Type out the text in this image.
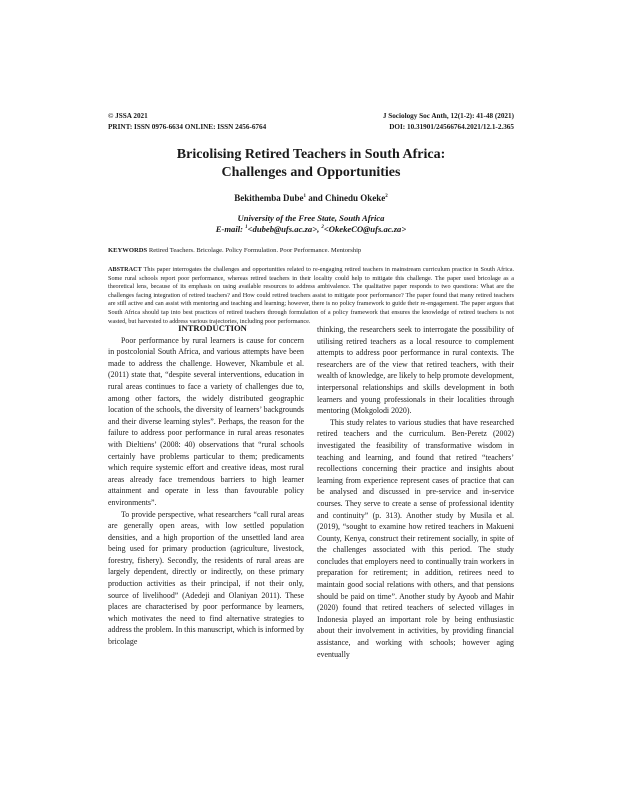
© JSSA 2021
PRINT: ISSN 0976-6634 ONLINE: ISSN 2456-6764
J Sociology Soc Anth, 12(1-2): 41-48 (2021)
DOI: 10.31901/24566764.2021/12.1-2.365
Bricolising Retired Teachers in South Africa:
Challenges and Opportunities
Bekithemba Dube$^1$ and Chinedu Okeke$^2$
University of the Free State, South Africa
E-mail: $^1$<dubeb@ufs.ac.za>, $^2$<OkekeCO@ufs.ac.za>
KEYWORDS Retired Teachers. Bricolage. Policy Formulation. Poor Performance. Mentorship
ABSTRACT This paper interrogates the challenges and opportunities related to re-engaging retired teachers in mainstream curriculum practice in South Africa. Some rural schools report poor performance, whereas retired teachers in their locality could help to mitigate this challenge. The paper used bricolage as a theoretical lens, because of its emphasis on using available resources to address ambivalence. The qualitative paper responds to two questions: What are the challenges facing integration of retired teachers? and How could retired teachers assist to mitigate poor performance? The paper found that many retired teachers are still active and can assist with mentoring and teaching and learning; however, there is no policy framework to guide their re-engagement. The paper argues that South Africa should tap into best practices of retired teachers through formulation of a policy framework that ensures the knowledge of retired teachers is not wasted, but harvested to address various trajectories, including poor performance.

INTRODUCTION

Poor performance by rural learners is cause for concern in postcolonial South Africa, and various attempts have been made to address the challenge. However, Nkambule et al. (2011) state that, “despite several interventions, education in rural areas continues to face a variety of challenges due to, among other factors, the widely distributed geographic location of the schools, the diversity of learners’ backgrounds and their diverse learning styles”. Perhaps, the reason for the failure to address poor performance in rural areas resonates with Dieltiens’ (2008: 40) observations that “rural schools certainly have problems particular to them; predicaments which require systemic effort and creative ideas, most rural areas already face tremendous barriers to high learner attainment and operate in less than favourable policy environments”.

To provide perspective, what researchers “call rural areas are generally open areas, with low settled population densities, and a high proportion of the unsettled land area being used for primary production (agriculture, livestock, forestry, fishery). Secondly, the residents of rural areas are largely dependent, directly or indirectly, on these primary production activities as their principal, if not their only, source of livelihood” (Adedeji and Olaniyan 2011). These places are characterised by poor performance by learners, which motivates the need to find alternative strategies to address the problem. In this manuscript, which is informed by bricolage

thinking, the researchers seek to interrogate the possibility of utilising retired teachers as a local resource to complement attempts to address poor performance in rural contexts. The researchers are of the view that retired teachers, with their wealth of knowledge, are likely to help promote development, interpersonal relationships and skills development in both learners and young professionals in their localities through mentoring (Mokgolodi 2020).

This study relates to various studies that have researched retired teachers and the curriculum. Ben-Peretz (2002) investigated the feasibility of transformative wisdom in teaching and learning, and found that retired “teachers’ recollections concerning their practice and insights about learning from experience represent cases of practice that can be analysed and discussed in pre-service and in-service courses. They serve to create a sense of professional identity and continuity” (p. 313). Another study by Musila et al. (2019), “sought to examine how retired teachers in Makueni County, Kenya, construct their retirement socially, in spite of the challenges associated with this period. The study concludes that employers need to continually train workers in preparation for retirement; in addition, retirees need to maintain good social relations with others, and that pensions should be paid on time”. Another study by Ayoob and Mahir (2020) found that retired teachers of selected villages in Indonesia played an important role by being enthusiastic about their involvement in activities, by providing financial assistance, and working with schools; however aging eventually
